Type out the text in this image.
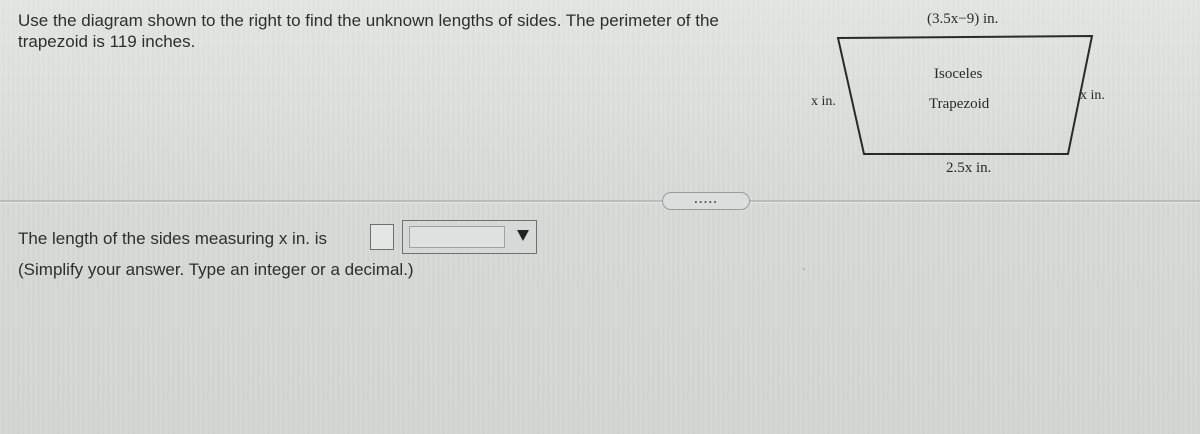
Use the diagram shown to the right to find the unknown lengths of sides. The perimeter of the
trapezoid is 119 inches.
(3.5x−9) in.
x in.	x in.
Isoceles
Trapezoid
2.5x in.
.....
The length of the sides measuring x in. is
(Simplify your answer. Type an integer or a decimal.)	◦
